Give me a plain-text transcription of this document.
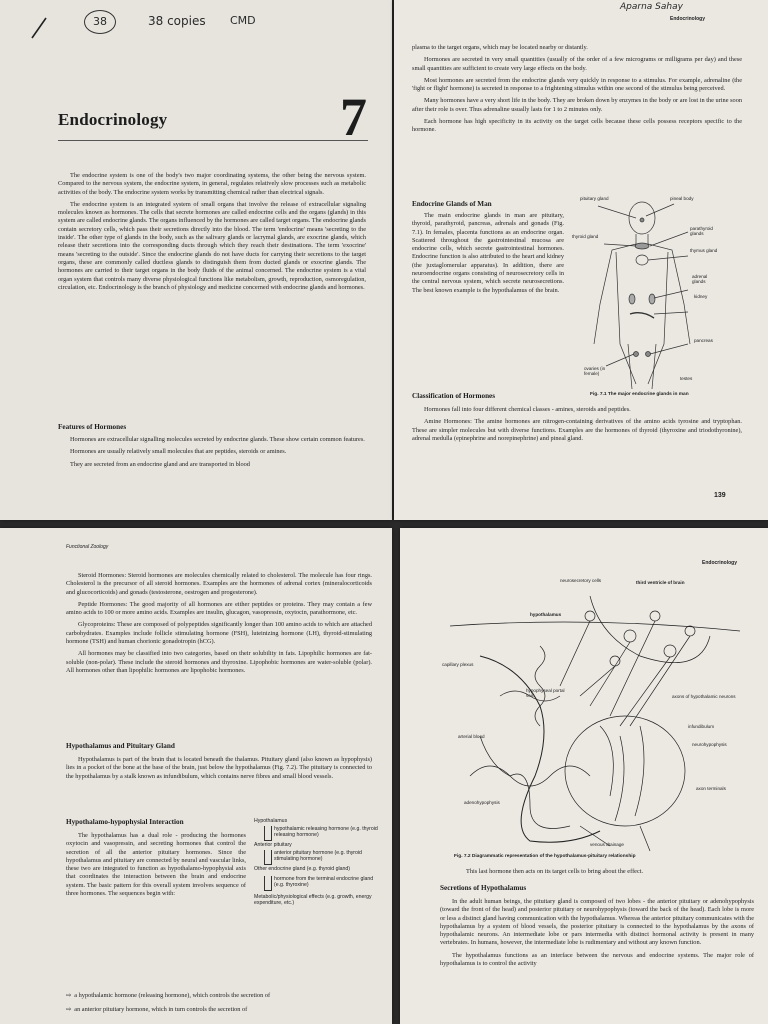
38	38 copies CMD
Endocrinology	7

The endocrine system is one of the body's two major coordinating systems, the other being the nervous system. Compared to the nervous system, the endocrine system, in general, regulates relatively slow processes such as metabolic activities of the body. The endocrine system works by transmitting chemical rather than electrical signals.

The endocrine system is an integrated system of small organs that involve the release of extracellular signaling molecules known as hormones. The cells that secrete hormones are called endocrine cells and the organs (glands) in this system are called endocrine glands. The organs influenced by the hormones are called target organs. The endocrine glands contain secretory cells, which pass their secretions directly into the blood. The term 'endocrine' means 'secreting to the inside'. The other type of glands in the body, such as the salivary glands or lacrymal glands, are exocrine glands, which release their secretions into the corresponding ducts through which they reach their destinations. The term 'exocrine' means 'secreting to the outside'. Since the endocrine glands do not have ducts for carrying their secretions to the target organs, these are commonly called ductless glands to distinguish them from ducted glands or exocrine glands. The hormones are carried to their target organs in the body fluids of the animal concerned. The endocrine system is a vital organ system that controls many diverse physiological functions like metabolism, growth, reproduction, osmoregulation, circulation, etc. Endocrinology is the branch of physiology and medicine concerned with endocrine glands and hormones.

Features of Hormones

Hormones are extracellular signalling molecules secreted by endocrine glands. These show certain common features.

Hormones are usually relatively small molecules that are peptides, steroids or amines.

They are secreted from an endocrine gland and are transported in blood

Aparna Sahay
Endocrinology

plasma to the target organs, which may be located nearby or distantly.

Hormones are secreted in very small quantities (usually of the order of a few micrograms or milligrams per day) and these small quantities are sufficient to create very large effects on the body.

Most hormones are secreted from the endocrine glands very quickly in response to a stimulus. For example, adrenaline (the 'fight or flight' hormone) is secreted in response to a frightening stimulus within one second of the stimulus being perceived.

Many hormones have a very short life in the body. They are broken down by enzymes in the body or are lost in the urine soon after their role is over. Thus adrenaline usually lasts for 1 to 2 minutes only.

Each hormone has high specificity in its activity on the target cells because these cells possess receptors specific to the hormone.

Endocrine Glands of Man

The main endocrine glands in man are pituitary, thyroid, parathyroid, pancreas, adrenals and gonads (Fig. 7.1). In females, placenta functions as an endocrine organ. Scattered throughout the gastrointestinal mucosa are endocrine cells, which secrete gastrointestinal hormones. Endocrine function is also attributed to the heart and kidney (the juxtaglomerular apparatus). In addition, there are neuroendocrine organs consisting of neurosecretory cells in the central nervous system, which secrete neurosecretions. The best known example is the hypothalamus of the brain.

pituitary gland	pineal body
parathyroid glands
thyroid gland
thymus gland
adrenal glands
kidney
pancreas
ovaries (in female)
testes
Fig. 7.1 The major endocrine glands in man
Classification of Hormones

Hormones fall into four different chemical classes - amines, steroids and peptides.

Amine Hormones: The amine hormones are nitrogen-containing derivatives of the amino acids tyrosine and tryptophan. These are simpler molecules but with diverse functions. Examples are the hormones of thyroid (thyroxine and triodothyronine), adrenal medulla (epinephrine and norepinephrine) and pineal gland.

139
Functional Zoology

Steroid Hormones: Steroid hormones are molecules chemically related to cholesterol. The molecule has four rings. Cholesterol is the precursor of all steroid hormones. Examples are the hormones of adrenal cortex (mineralocorticoids and glucocorticoids) and gonads (testosterone, oestrogen and progesterone).

Peptide Hormones: The good majority of all hormones are either peptides or proteins. They may contain a few amino acids to 100 or more amino acids. Examples are insulin, glucagon, vasopressin, oxytocin, parathormone, etc.

Glycoproteins: These are composed of polypeptides significantly longer than 100 amino acids to which are attached carbohydrates. Examples include follicle stimulating hormone (FSH), luteinizing hormone (LH), thyroid-stimulating hormone (TSH) and human chorionic gonadotropin (hCG).

All hormones may be classified into two categories, based on their solubility in fats. Lipophilic hormones are fat-soluble (non-polar). These include the steroid hormones and thyroxine. Lipophobic hormones are water-soluble (polar). All hormones other than lipophilic hormones are lipophobic hormones.

Hypothalamus and Pituitary Gland

Hypothalamus is part of the brain that is located beneath the thalamus. Pituitary gland (also known as hypophysis) lies in a pocket of the bone at the base of the brain, just below the hypothalamus (Fig. 7.2). The pituitary is connected to the hypothalamus by a stalk known as infundibulum, which contains nerve fibres and small blood vessels.

Hypothalamo-hypophysial Interaction

The hypothalamus has a dual role - producing the hormones oxytocin and vasopressin, and secreting hormones that control the secretion of all the anterior pituitary hormones. Since the hypothalamus and pituitary are connected by neural and vascular links, these two are integrated to function as hypothalamo-hypophysial axis that coordinates the interaction between the brain and endocrine system. The basic pattern for this overall system involves sequence of three hormones. The sequences begin with:

Hypothalamus
hypothalamic releasing hormone (e.g. thyroid releasing hormone)
Anterior pituitary
anterior pituitary hormone (e.g. thyroid stimulating hormone)
Other endocrine gland (e.g. thyroid gland)
hormone from the terminal endocrine gland (e.g. thyroxine)
Metabolic/physiological effects (e.g. growth, energy expenditure, etc.)
⇨ a hypothalamic hormone (releasing hormone), which controls the secretion of
⇨ an anterior pituitary hormone, which in turn controls the secretion of
Endocrinology
neurosecretory cells	third ventricle of brain
hypothalamus
capillary plexus
hypophyseal portal vein	axons of hypothalamic neurons
infundibulum
arterial blood
neurohypophysis
axon terminals
adenohypophysis
venous drainage
Fig. 7.2 Diagrammatic representation of the hypothalamus-pituitary relationship

This last hormone then acts on its target cells to bring about the effect.

Secretions of Hypothalamus

In the adult human beings, the pituitary gland is composed of two lobes - the anterior pituitary or adenohypophysis (toward the front of the head) and posterior pituitary or neurohypophysis (toward the back of the head). Each lobe is more or less a distinct gland having communication with the hypothalamus. Whereas the anterior pituitary communicates with the hypothalamus by a system of blood vessels, the posterior pituitary is connected to the hypothalamus by the axons of hypothalamic neurons. An intermediate lobe or pars intermedia with distinct hormonal activity is present in many vertebrates. In humans, however, the intermediate lobe is rudimentary and without any known function.

The hypothalamus functions as an interface between the nervous and endocrine systems. The major role of hypothalamus is to control the activity
